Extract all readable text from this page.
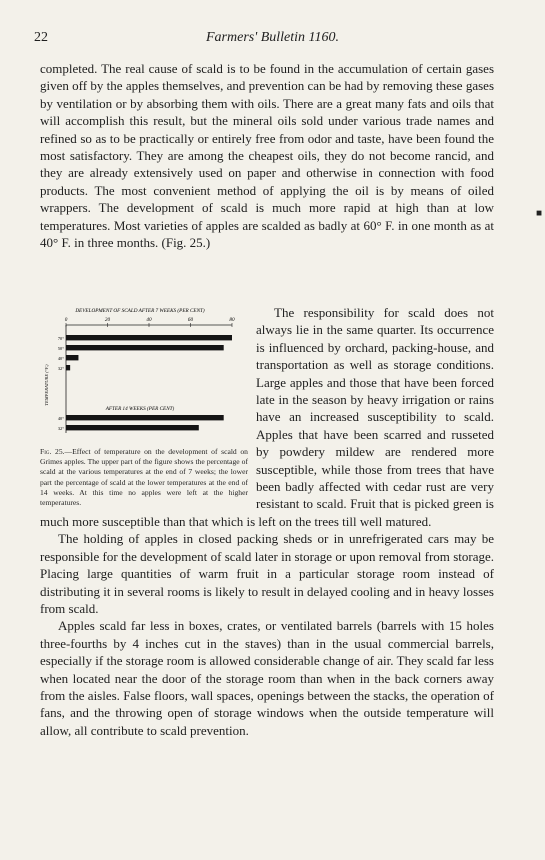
22	Farmers' Bulletin 1160.

completed. The real cause of scald is to be found in the accumulation of certain gases given off by the apples themselves, and prevention can be had by removing these gases by ventilation or by absorbing them with oils. There are a great many fats and oils that will accomplish this result, but the mineral oils sold under various trade names and refined so as to be practically or entirely free from odor and taste, have been found the most satisfactory. They are among the cheapest oils, they do not become rancid, and they are already extensively used on paper and otherwise in connection with food products. The most convenient method of applying the oil is by means of oiled wrappers. The development of scald is much more rapid at high than at low temperatures. Most varieties of apples are scalded as badly at 60° F. in one month as at 40° F. in three months. (Fig. 25.)

DEVELOPMENT OF SCALD AFTER 7 WEEKS (PER CENT)
AFTER 14 WEEKS (PER CENT)
TEMPERATURE (°F.)
0	20	40	60	80
70°
50°
40°
32°
40°
32°
Fig. 25.—Effect of temperature on the development of scald on Grimes apples. The upper part of the figure shows the percentage of scald at the various temperatures at the end of 7 weeks; the lower part the percentage of scald at the lower temperatures at the end of 14 weeks. At this time no apples were left at the higher temperatures.

The responsibility for scald does not always lie in the same quarter. Its occurrence is influenced by orchard, packing-house, and transportation as well as storage conditions. Large apples and those that have been forced late in the season by heavy irrigation or rains have an increased susceptibility to scald. Apples that have been scarred and russeted by powdery mildew are rendered more susceptible, while those from trees that have been badly affected with cedar rust are very resistant to scald. Fruit that is picked green is much more susceptible than that which is left on the trees till well matured.

The holding of apples in closed packing sheds or in unrefrigerated cars may be responsible for the development of scald later in storage or upon removal from storage. Placing large quantities of warm fruit in a particular storage room instead of distributing it in several rooms is likely to result in delayed cooling and in heavy losses from scald.

Apples scald far less in boxes, crates, or ventilated barrels (barrels with 15 holes three-fourths by 4 inches cut in the staves) than in the usual commercial barrels, especially if the storage room is allowed considerable change of air. They scald far less when located near the door of the storage room than when in the back corners away from the aisles. False floors, wall spaces, openings between the stacks, the operation of fans, and the throwing open of storage windows when the outside temperature will allow, all contribute to scald prevention.

■
